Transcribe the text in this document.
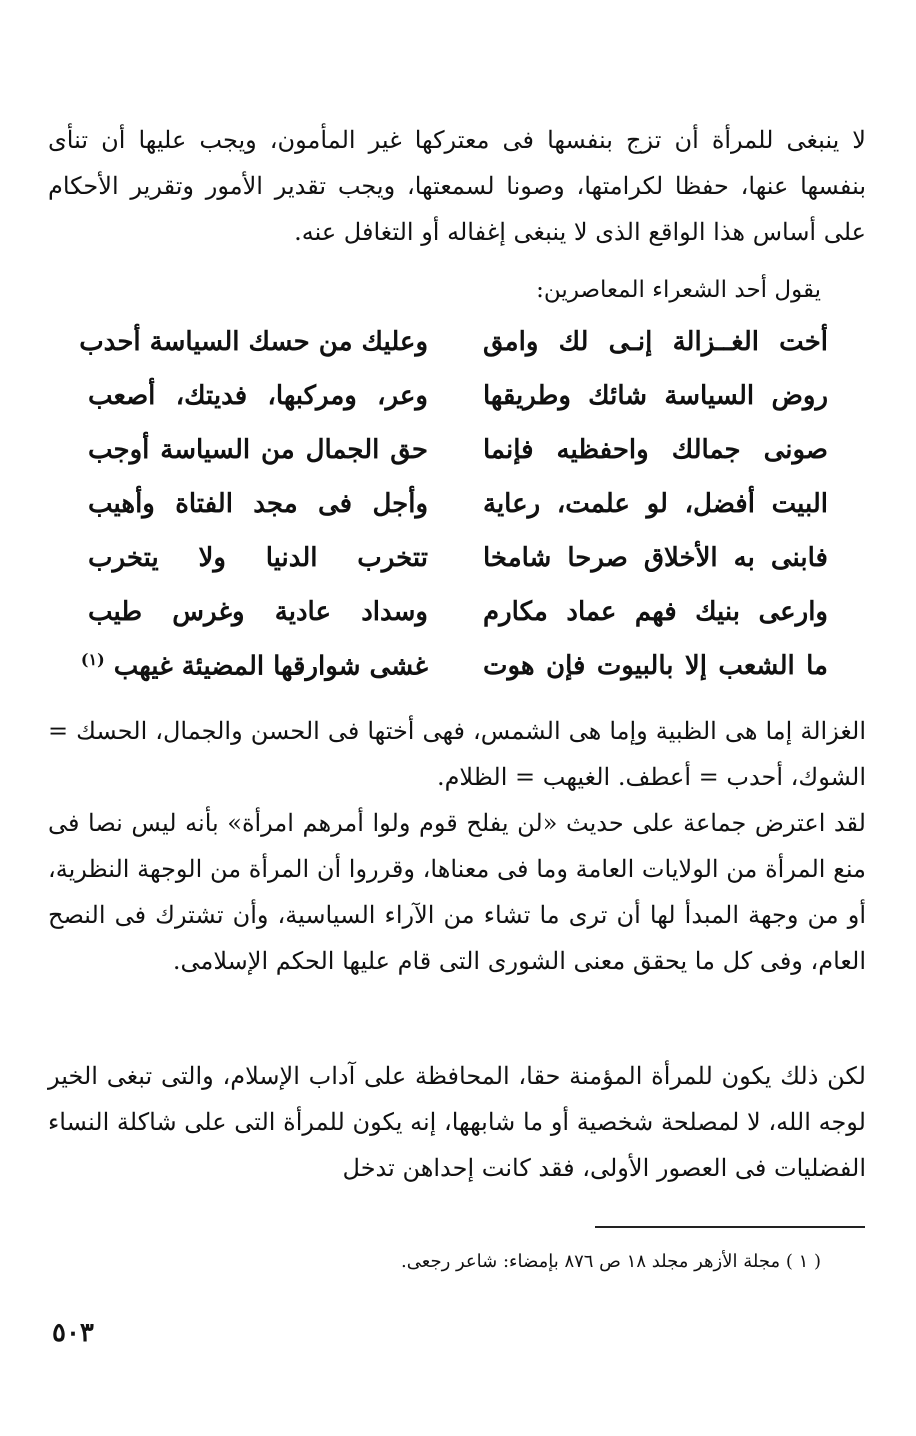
لا ينبغى للمرأة أن تزج بنفسها فى معتركها غير المأمون، ويجب عليها أن تنأى بنفسها عنها، حفظا لكرامتها، وصونا لسمعتها، ويجب تقدير الأمور وتقرير الأحكام على أساس هذا الواقع الذى لا ينبغى إغفاله أو التغافل عنه.

يقول أحد الشعراء المعاصرين:
أخت الغــزالة إنـى لك وامق
وعليك من حسك السياسة أحدب
روض السياسة شائك وطريقها
وعر، ومركبها، فديتك، أصعب
صونى جمالك واحفظيه فإنما
حق الجمال من السياسة أوجب
البيت أفضل، لو علمت، رعاية
وأجل فى مجد الفتاة وأهيب
فابنى به الأخلاق صرحا شامخا
تتخرب الدنيا ولا يتخرب
وارعى بنيك فهم عماد مكارم
وسداد عادية وغرس طيب
ما الشعب إلا بالبيوت فإن هوت
غشى شوارقها المضيئة غيهب $^{(١)}$

الغزالة إما هى الظبية وإما هى الشمس، فهى أختها فى الحسن والجمال، الحسك = الشوك، أحدب = أعطف. الغيهب = الظلام.

لقد اعترض جماعة على حديث «لن يفلح قوم ولوا أمرهم امرأة» بأنه ليس نصا فى منع المرأة من الولايات العامة وما فى معناها، وقرروا أن المرأة من الوجهة النظرية، أو من وجهة المبدأ لها أن ترى ما تشاء من الآراء السياسية، وأن تشترك فى النصح العام، وفى كل ما يحقق معنى الشورى التى قام عليها الحكم الإسلامى.

لكن ذلك يكون للمرأة المؤمنة حقا، المحافظة على آداب الإسلام، والتى تبغى الخير لوجه الله، لا لمصلحة شخصية أو ما شابهها، إنه يكون للمرأة التى على شاكلة النساء الفضليات فى العصور الأولى، فقد كانت إحداهن تدخل

( ١ ) مجلة الأزهر مجلد ١٨ ص ٨٧٦ بإمضاء: شاعر رجعى.
٥٠٣
